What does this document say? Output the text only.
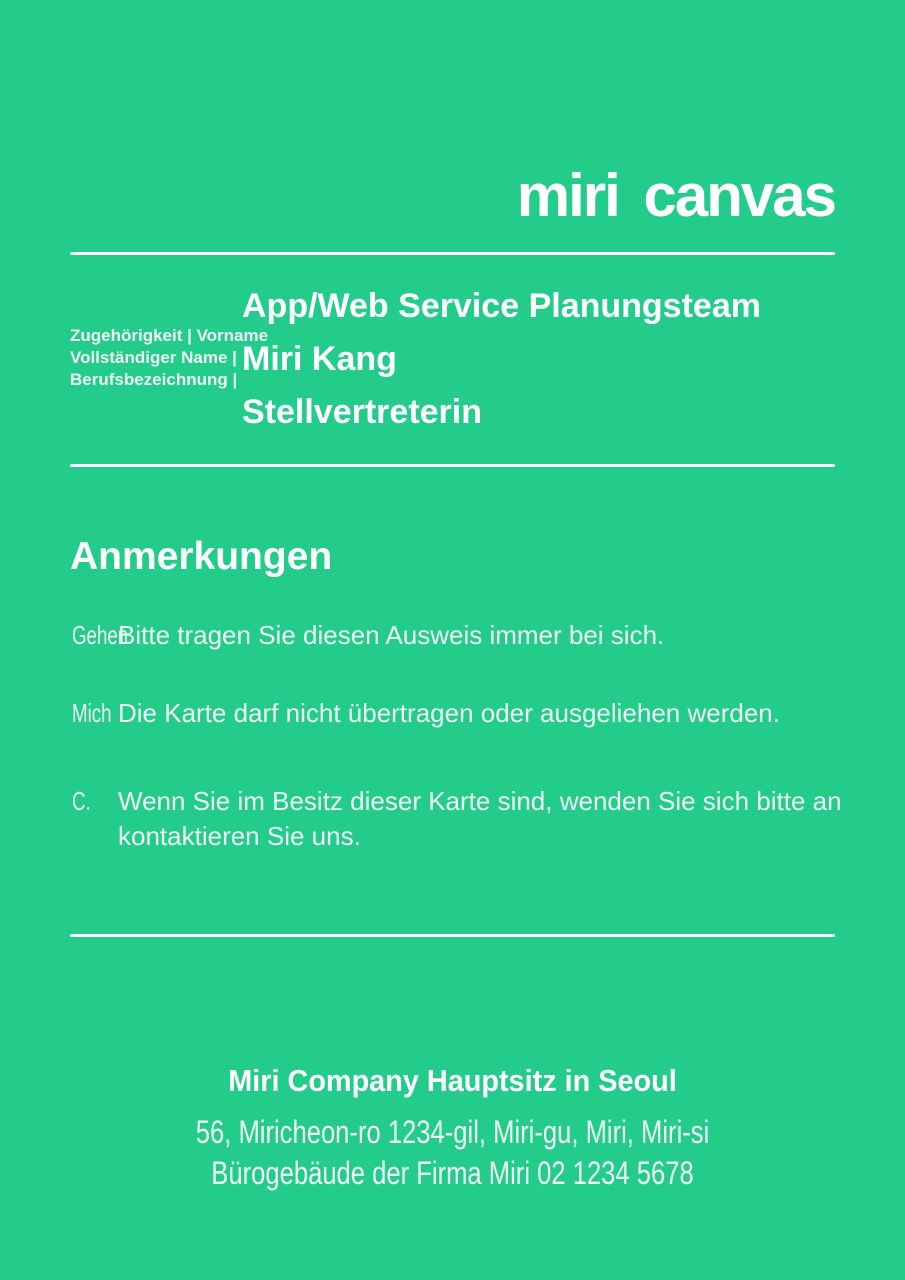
miri canvas
Zugehörigkeit | Vorname
Vollständiger Name |
Berufsbezeichnung |
App/Web Service Planungsteam
Miri Kang
Stellvertreterin
Anmerkungen
Gehen
Bitte tragen Sie diesen Ausweis immer bei sich.
Mich Die Karte darf nicht übertragen oder ausgeliehen werden.
C. Wenn Sie im Besitz dieser Karte sind, wenden Sie sich bitte an kontaktieren Sie uns.
Miri Company Hauptsitz in Seoul
56, Miricheon-ro 1234-gil, Miri-gu, Miri, Miri-si
Bürogebäude der Firma Miri 02 1234 5678
